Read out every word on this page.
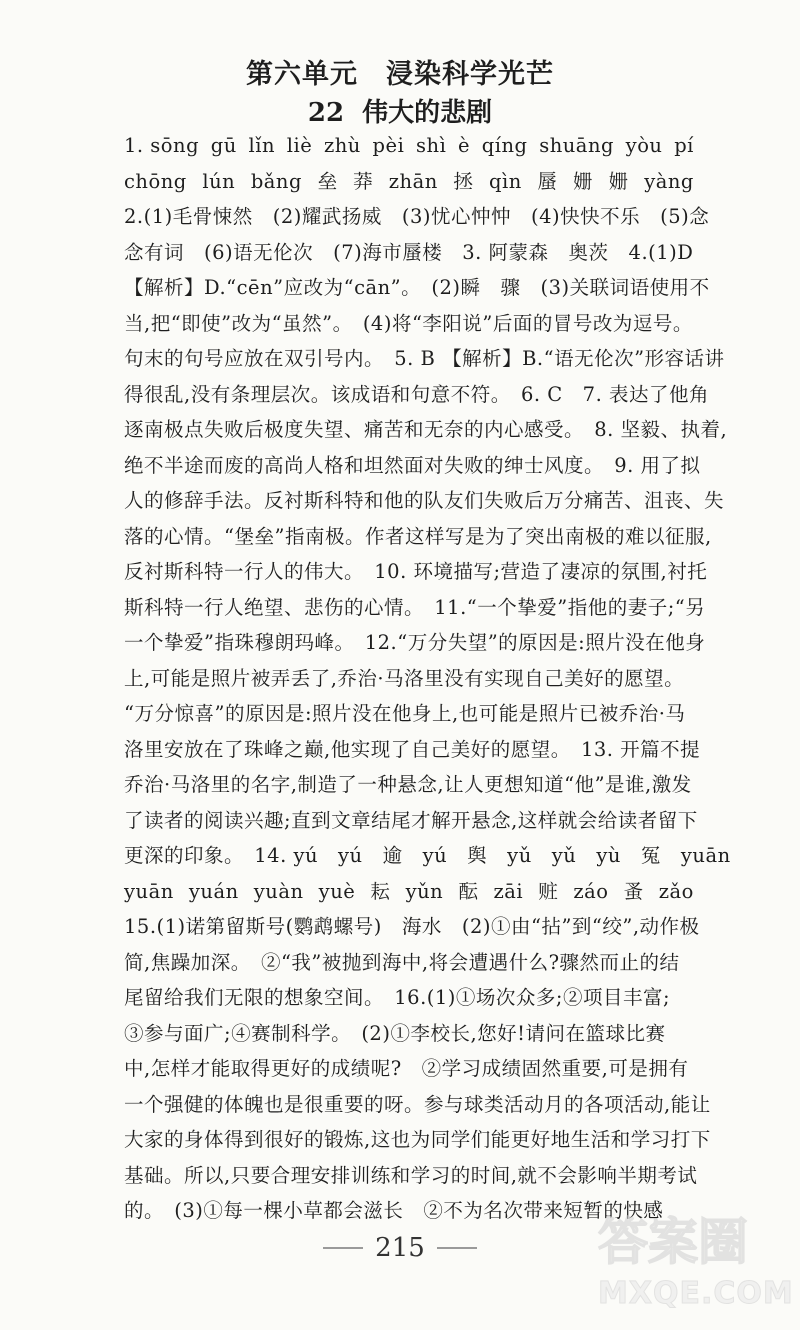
第六单元　浸染科学光芒
22 伟大的悲剧
1. sōng gū lǐn liè zhù pèi shì è qíng shuāng yòu pí
chōng lún bǎng 垒 莽 zhān 拯 qìn 蜃 姗 姗 yàng
2.(1)毛骨悚然　(2)耀武扬威　(3)忧心忡忡　(4)快快不乐　(5)念
念有词　(6)语无伦次　(7)海市蜃楼　3. 阿蒙森　奥茨　4.(1)D
【解析】D.“cēn”应改为“cān”。　(2)瞬　骤　(3)关联词语使用不
当,把“即使”改为“虽然”。　(4)将“李阳说”后面的冒号改为逗号。
句末的句号应放在双引号内。　5. B 【解析】B.“语无伦次”形容话讲
得很乱,没有条理层次。该成语和句意不符。　6. C　7. 表达了他角
逐南极点失败后极度失望、痛苦和无奈的内心感受。　8. 坚毅、执着,
绝不半途而废的高尚人格和坦然面对失败的绅士风度。　9. 用了拟
人的修辞手法。反衬斯科特和他的队友们失败后万分痛苦、沮丧、失
落的心情。“堡垒”指南极。作者这样写是为了突出南极的难以征服,
反衬斯科特一行人的伟大。　10. 环境描写;营造了凄凉的氛围,衬托
斯科特一行人绝望、悲伤的心情。　11.“一个挚爱”指他的妻子;“另
一个挚爱”指珠穆朗玛峰。　12.“万分失望”的原因是:照片没在他身
上,可能是照片被弄丢了,乔治·马洛里没有实现自己美好的愿望。
“万分惊喜”的原因是:照片没在他身上,也可能是照片已被乔治·马
洛里安放在了珠峰之巅,他实现了自己美好的愿望。　13. 开篇不提
乔治·马洛里的名字,制造了一种悬念,让人更想知道“他”是谁,激发
了读者的阅读兴趣;直到文章结尾才解开悬念,这样就会给读者留下
更深的印象。　14. yú　yú　逾　yú　舆　yǔ　yǔ　yù　冤　yuān
yuān yuán yuàn yuè 耘 yǔn 酝 zāi 赃 záo 蚤 zǎo
15.(1)诺第留斯号(鹦鹉螺号)　海水　(2)①由“拈”到“绞”,动作极
简,焦躁加深。　②“我”被抛到海中,将会遭遇什么?骤然而止的结
尾留给我们无限的想象空间。　16.(1)①场次众多;②项目丰富;
③参与面广;④赛制科学。　(2)①李校长,您好!请问在篮球比赛
中,怎样才能取得更好的成绩呢?　②学习成绩固然重要,可是拥有
一个强健的体魄也是很重要的呀。参与球类活动月的各项活动,能让
大家的身体得到很好的锻炼,这也为同学们能更好地生活和学习打下
基础。所以,只要合理安排训练和学习的时间,就不会影响半期考试
的。　(3)①每一棵小草都会滋长　②不为名次带来短暂的快感
215	答案圈
MXQE.COM
